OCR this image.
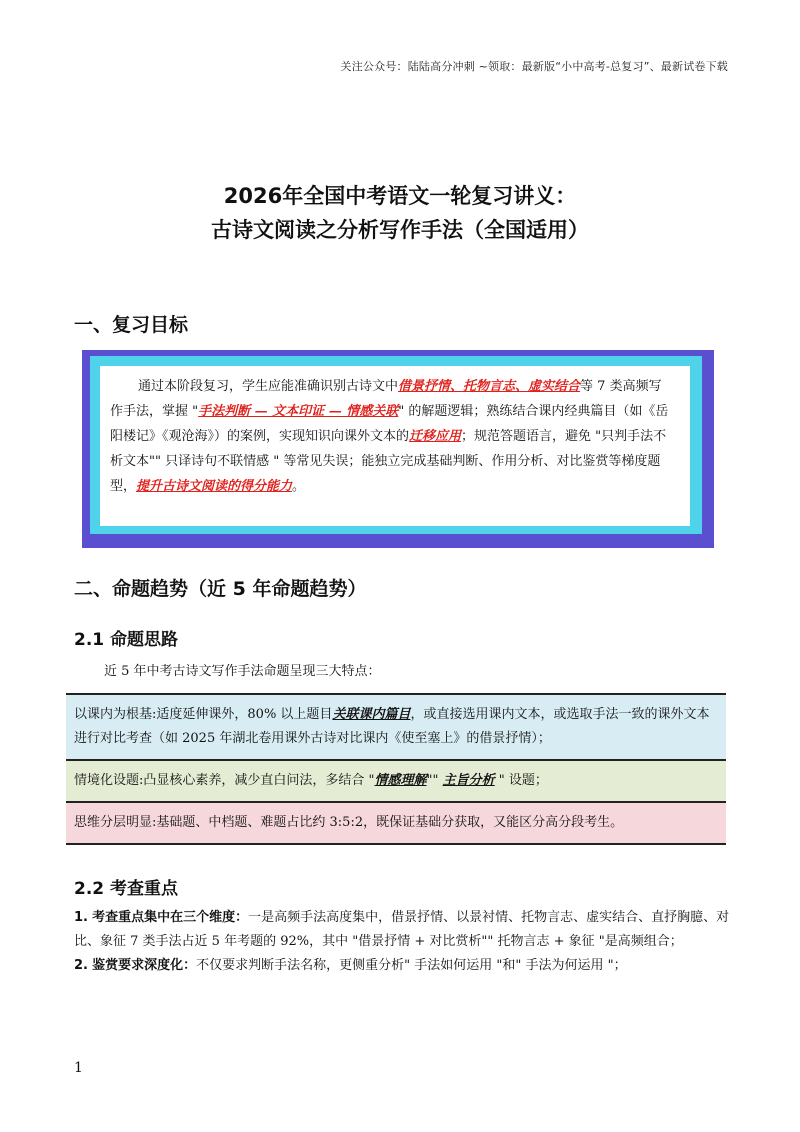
关注公众号：陆陆高分冲刺 ~领取：最新版“小中高考-总复习”、最新试卷下载
2026年全国中考语文一轮复习讲义：
古诗文阅读之分析写作手法（全国适用）
一、复习目标
通过本阶段复习，学生应能准确识别古诗文中借景抒情、托物言志、虚实结合等 7 类高频写作手法，掌握 "手法判断 — 文本印证 — 情感关联" 的解题逻辑；熟练结合课内经典篇目（如《岳阳楼记》《观沧海》）的案例，实现知识向课外文本的迁移应用；规范答题语言，避免 "只判手法不析文本"" 只译诗句不联情感 " 等常见失误；能独立完成基础判断、作用分析、对比鉴赏等梯度题型，提升古诗文阅读的得分能力。
二、命题趋势（近 5 年命题趋势）
2.1 命题思路
近 5 年中考古诗文写作手法命题呈现三大特点：
以课内为根基:适度延伸课外，80% 以上题目关联课内篇目，或直接选用课内文本，或选取手法一致的课外文本进行对比考查（如 2025 年湖北卷用课外古诗对比课内《使至塞上》的借景抒情）；
情境化设题:凸显核心素养，减少直白问法，多结合 "情感理解"" 主旨分析 " 设题；
思维分层明显:基础题、中档题、难题占比约 3:5:2，既保证基础分获取，又能区分高分段考生。
2.2 考查重点

1. 考查重点集中在三个维度：一是高频手法高度集中，借景抒情、以景衬情、托物言志、虚实结合、直抒胸臆、对比、象征 7 类手法占近 5 年考题的 92%，其中 "借景抒情 + 对比赏析"" 托物言志 + 象征 "是高频组合；

2. 鉴赏要求深度化：不仅要求判断手法名称，更侧重分析" 手法如何运用 "和" 手法为何运用 "；

1
